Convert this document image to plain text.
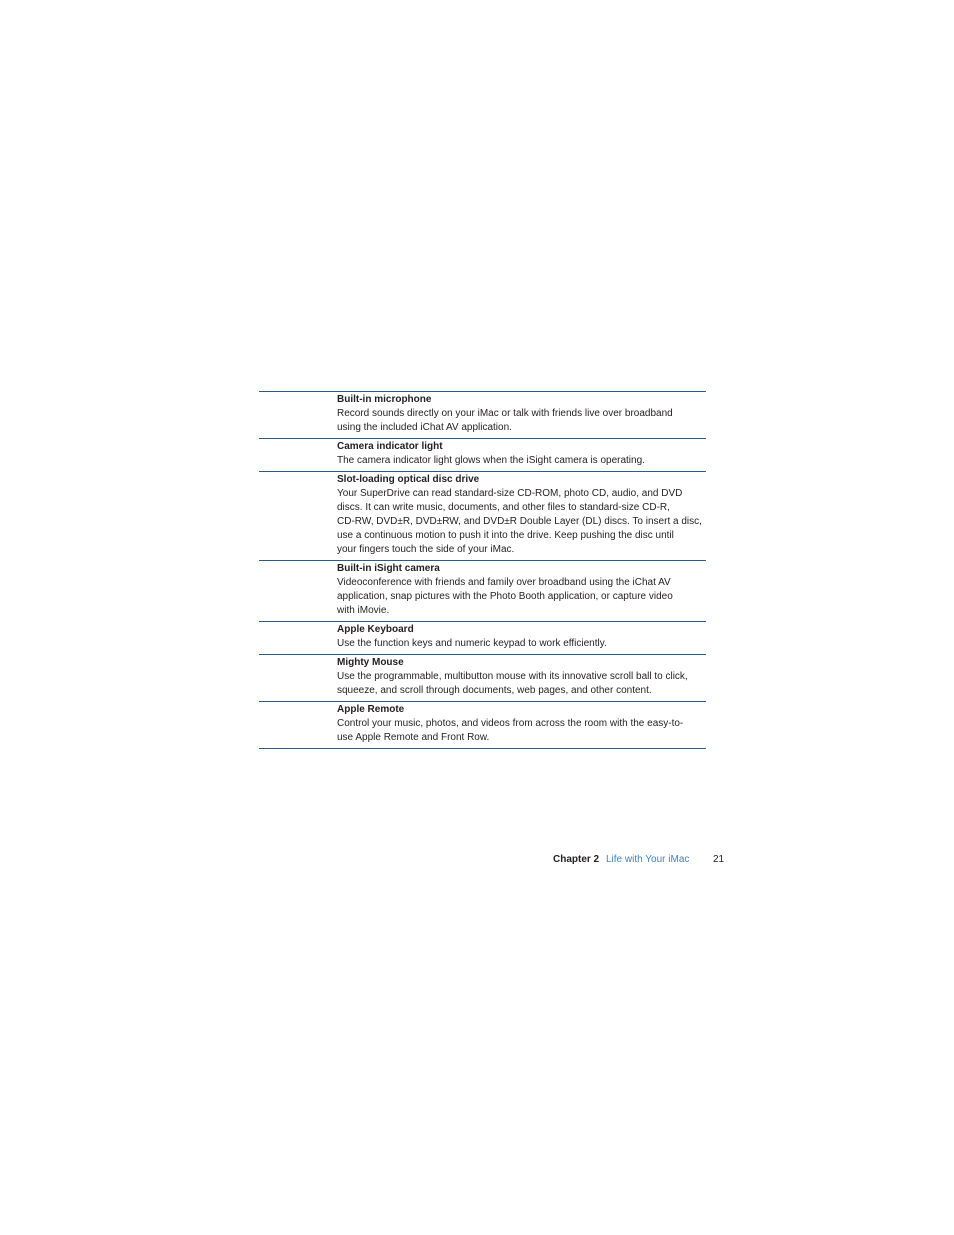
Built-in microphone
Record sounds directly on your iMac or talk with friends live over broadband
using the included iChat AV application.
Camera indicator light
The camera indicator light glows when the iSight camera is operating.
Slot-loading optical disc drive
Your SuperDrive can read standard-size CD-ROM, photo CD, audio, and DVD
discs. It can write music, documents, and other files to standard-size CD-R,
CD-RW, DVD±R, DVD±RW, and DVD±R Double Layer (DL) discs. To insert a disc,
use a continuous motion to push it into the drive. Keep pushing the disc until
your fingers touch the side of your iMac.
Built-in iSight camera
Videoconference with friends and family over broadband using the iChat AV
application, snap pictures with the Photo Booth application, or capture video
with iMovie.
Apple Keyboard
Use the function keys and numeric keypad to work efficiently.
Mighty Mouse
Use the programmable, multibutton mouse with its innovative scroll ball to click,
squeeze, and scroll through documents, web pages, and other content.
Apple Remote
Control your music, photos, and videos from across the room with the easy-to-
use Apple Remote and Front Row.
Chapter 2 Life with Your iMac 21
